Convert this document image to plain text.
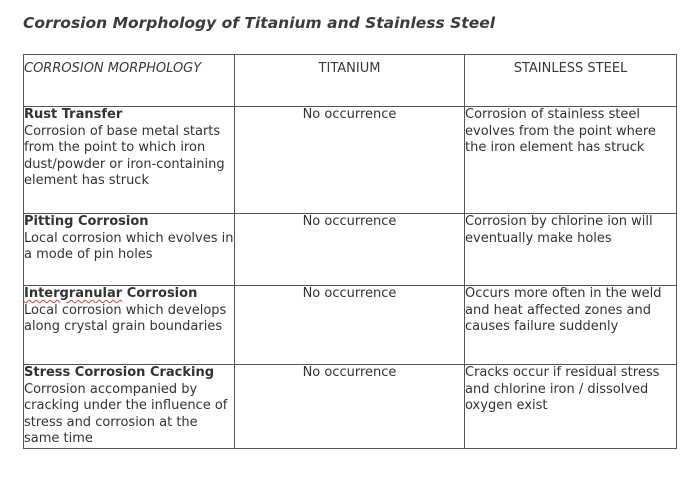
Corrosion Morphology of Titanium and Stainless Steel
CORROSION MORPHOLOGY	TITANIUM	STAINLESS STEEL

Rust Transfer
Corrosion of base metal starts from the point to which iron dust/powder or iron-containing element has struck	No occurrence	Corrosion of stainless steel evolves from the point where the iron element has struck

Pitting Corrosion
Local corrosion which evolves in a mode of pin holes	No occurrence	Corrosion by chlorine ion will eventually make holes

Intergranular Corrosion
Local corrosion which develops along crystal grain boundaries	No occurrence	Occurs more often in the weld and heat affected zones and causes failure suddenly

Stress Corrosion Cracking
Corrosion accompanied by cracking under the influence of stress and corrosion at the same time	No occurrence	Cracks occur if residual stress and chlorine iron / dissolved oxygen exist
